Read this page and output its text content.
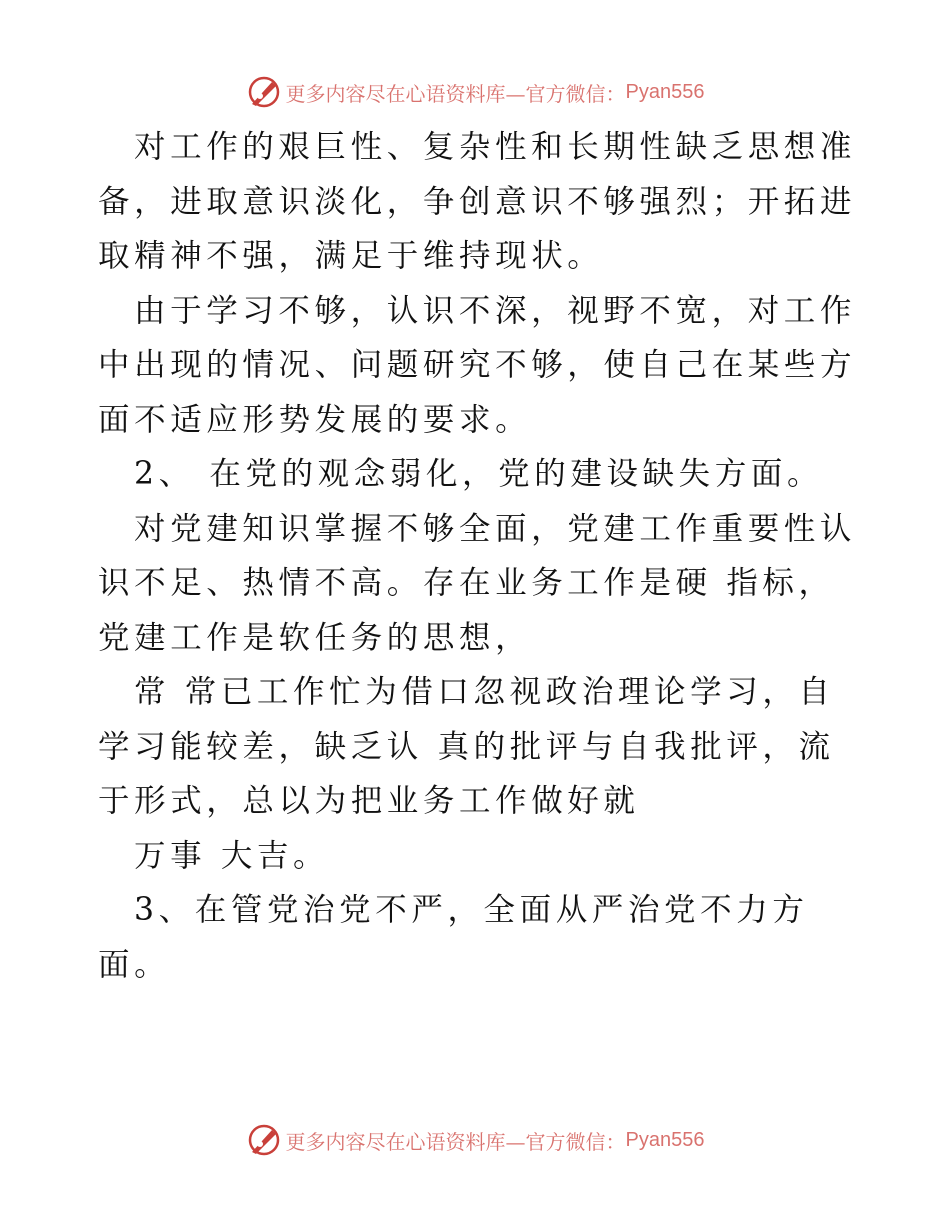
更多内容尽在心语资料库—官方微信： Pyan556

对工作的艰巨性、复杂性和长期性缺乏思想准备，进取意识淡化，争创意识不够强烈；开拓进取精神不强，满足于维持现状。

由于学习不够，认识不深，视野不宽，对工作中出现的情况、问题研究不够，使自己在某些方面不适应形势发展的要求。

2、 在党的观念弱化，党的建设缺失方面。

对党建知识掌握不够全面，党建工作重要性认识不足、热情不高。存在业务工作是硬 指标，党建工作是软任务的思想，

常 常已工作忙为借口忽视政治理论学习，自学习能较差，缺乏认 真的批评与自我批评，流于形式，总以为把业务工作做好就

万事 大吉。

3、在管党治党不严，全面从严治党不力方面。

更多内容尽在心语资料库—官方微信： Pyan556
